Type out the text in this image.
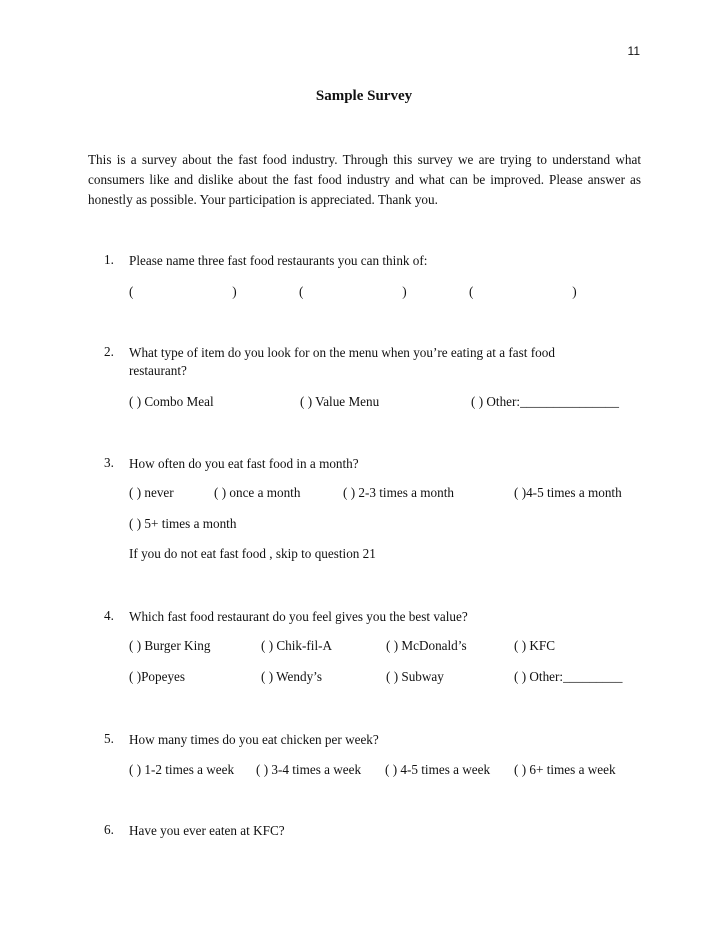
11
Sample Survey
This is a survey about the fast food industry. Through this survey we are trying to understand what consumers like and dislike about the fast food industry and what can be improved. Please answer as honestly as possible. Your participation is appreciated. Thank you.
1. Please name three fast food restaurants you can think of:
(                              )	(                              )	(                              )
2. What type of item do you look for on the menu when you’re eating at a fast food restaurant?
( ) Combo Meal	( ) Value Menu	( ) Other:_______________
3. How often do you eat fast food in a month?
( ) never	( ) once a month	( ) 2-3 times a month	( )4-5 times a month
( ) 5+ times a month
If you do not eat fast food , skip to question 21
4. Which fast food restaurant do you feel gives you the best value?
( ) Burger King	( ) Chik-fil-A	( ) McDonald’s	( ) KFC
( )Popeyes	( ) Wendy’s	( ) Subway	( ) Other:_________
5. How many times do you eat chicken per week?
( ) 1-2 times a week ( ) 3-4 times a week ( ) 4-5 times a week ( ) 6+ times a week
6. Have you ever eaten at KFC?
